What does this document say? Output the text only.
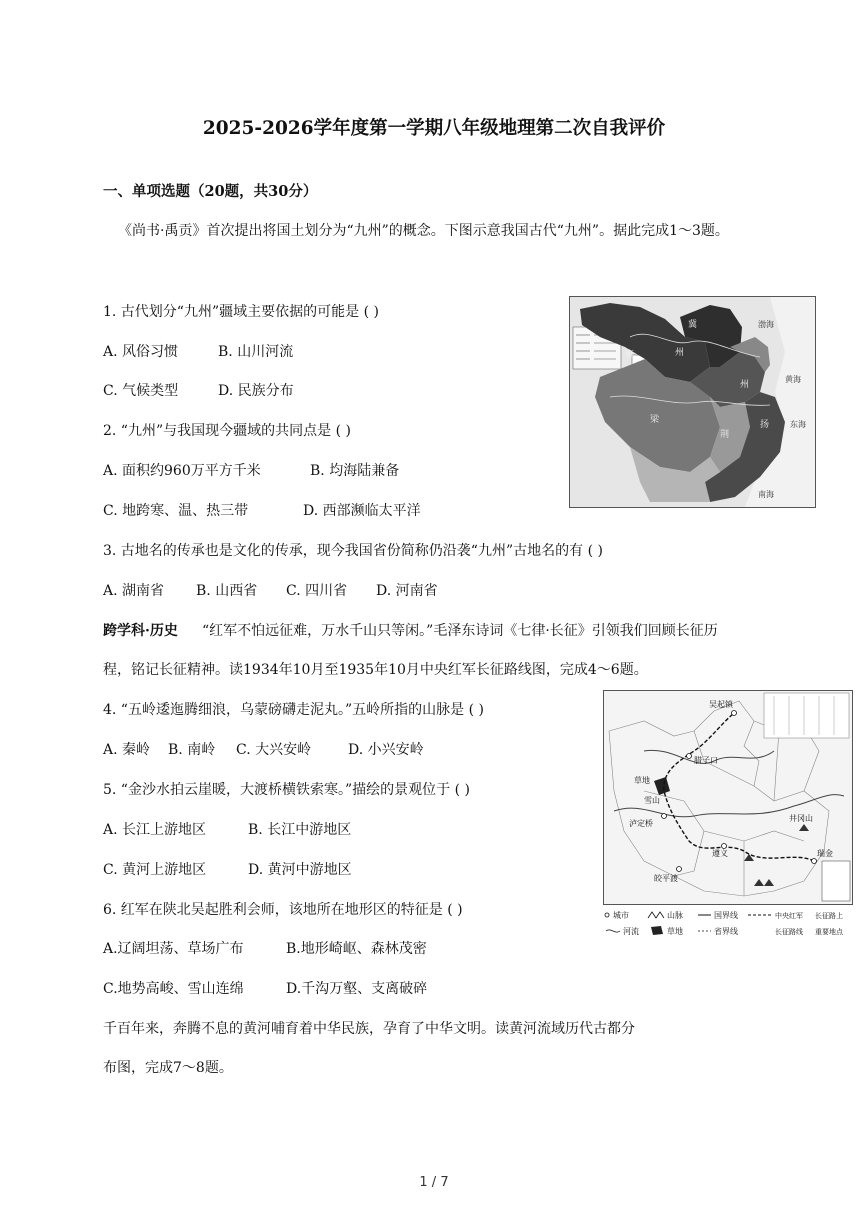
2025-2026学年度第一学期八年级地理第二次自我评价
一、单项选题（20题，共30分）
《尚书·禹贡》首次提出将国土划分为“九州”的概念。下图示意我国古代“九州”。据此完成1～3题。
1. 古代划分“九州”疆域主要依据的可能是 ( )
A. 风俗习惯	B. 山川河流
C. 气候类型	D. 民族分布
2. “九州”与我国现今疆域的共同点是 ( )
A. 面积约960万平方千米	B. 均海陆兼备
C. 地跨寒、温、热三带	D. 西部濒临太平洋
3. 古地名的传承也是文化的传承，现今我国省份简称仍沿袭“九州”古地名的有 ( )
A. 湖南省 B. 山西省 C. 四川省 D. 河南省
跨学科·历史 “红军不怕远征难，万水千山只等闲。”毛泽东诗词《七律·长征》引领我们回顾长征历
程，铭记长征精神。读1934年10月至1935年10月中央红军长征路线图，完成4～6题。
4. “五岭逶迤腾细浪，乌蒙磅礴走泥丸。”五岭所指的山脉是 ( )
A. 秦岭 B. 南岭 C. 大兴安岭	D. 小兴安岭
5. “金沙水拍云崖暖，大渡桥横铁索寒。”描绘的景观位于 ( )
A. 长江上游地区	B. 长江中游地区
C. 黄河上游地区	D. 黄河中游地区
6. 红军在陕北吴起胜利会师，该地所在地形区的特征是 ( )
A.辽阔坦荡、草场广布	B.地形崎岖、森林茂密
C.地势高峻、雪山连绵	D.千沟万壑、支离破碎
千百年来，奔腾不息的黄河哺育着中华民族，孕育了中华文明。读黄河流域历代古都分
布图，完成7～8题。
冀
州
雍
州
荆
扬
梁
渤海
黄海
东海
南海
吴起镇
腊子口
草地
雪山
泸定桥
遵义	瑞金
井冈山
皎平渡
城市	山脉	国界线	中央红军 长征路上
河流	草地	省界线	长征路线 重要地点
1 / 7
